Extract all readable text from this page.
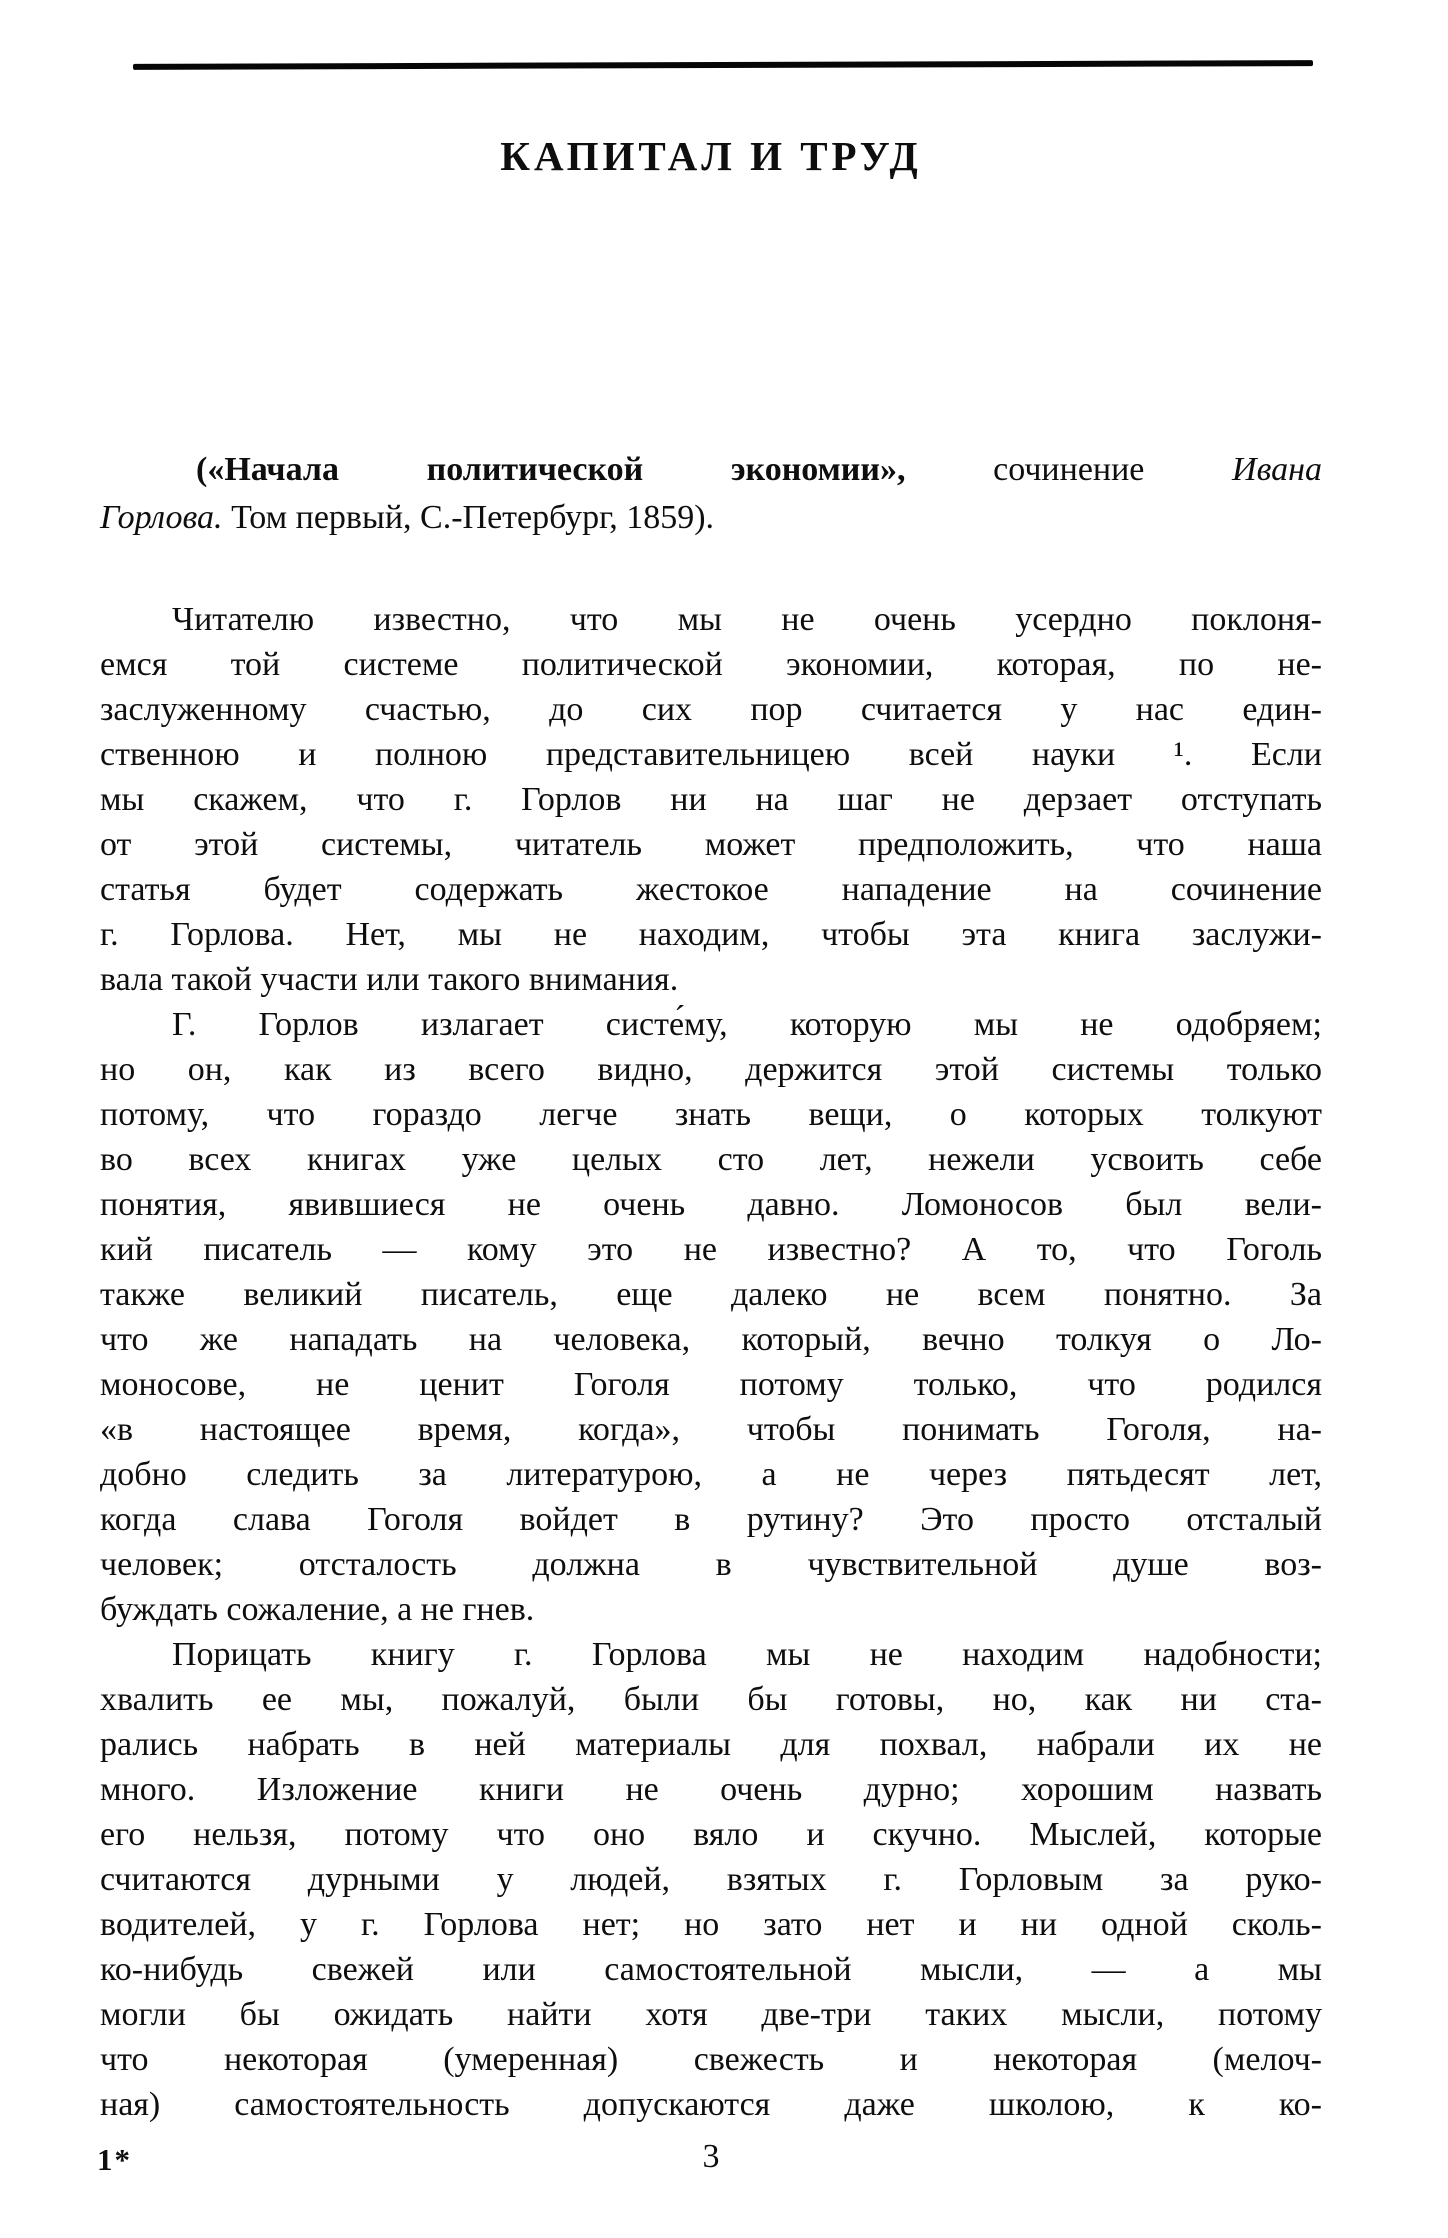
КАПИТАЛ И ТРУД
(«Начала политической экономии», сочинение Ивана
Горлова. Том первый, С.-Петербург, 1859).
Читателю известно, что мы не очень усердно поклоня-
емся той системе политической экономии, которая, по не-
заслуженному счастью, до сих пор считается у нас един-
ственною и полною представительницею всей науки ¹. Если
мы скажем, что г. Горлов ни на шаг не дерзает отступать
от этой системы, читатель может предположить, что наша
статья будет содержать жестокое нападение на сочинение
г. Горлова. Нет, мы не находим, чтобы эта книга заслужи-
вала такой участи или такого внимания.
Г. Горлов излагает систе́му, которую мы не одобряем;
но он, как из всего видно, держится этой системы только
потому, что гораздо легче знать вещи, о которых толкуют
во всех книгах уже целых сто лет, нежели усвоить себе
понятия, явившиеся не очень давно. Ломоносов был вели-
кий писатель — кому это не известно? А то, что Гоголь
также великий писатель, еще далеко не всем понятно. За
что же нападать на человека, который, вечно толкуя о Ло-
моносове, не ценит Гоголя потому только, что родился
«в настоящее время, когда», чтобы понимать Гоголя, на-
добно следить за литературою, а не через пятьдесят лет,
когда слава Гоголя войдет в рутину? Это просто отсталый
человек; отсталость должна в чувствительной душе воз-
буждать сожаление, а не гнев.
Порицать книгу г. Горлова мы не находим надобности;
хвалить ее мы, пожалуй, были бы готовы, но, как ни ста-
рались набрать в ней материалы для похвал, набрали их не
много. Изложение книги не очень дурно; хорошим назвать
его нельзя, потому что оно вяло и скучно. Мыслей, которые
считаются дурными у людей, взятых г. Горловым за руко-
водителей, у г. Горлова нет; но зато нет и ни одной сколь-
ко-нибудь свежей или самостоятельной мысли, — а мы
могли бы ожидать найти хотя две-три таких мысли, потому
что некоторая (умеренная) свежесть и некоторая (мелоч-
ная) самостоятельность допускаются даже школою, к ко-
1*	3
